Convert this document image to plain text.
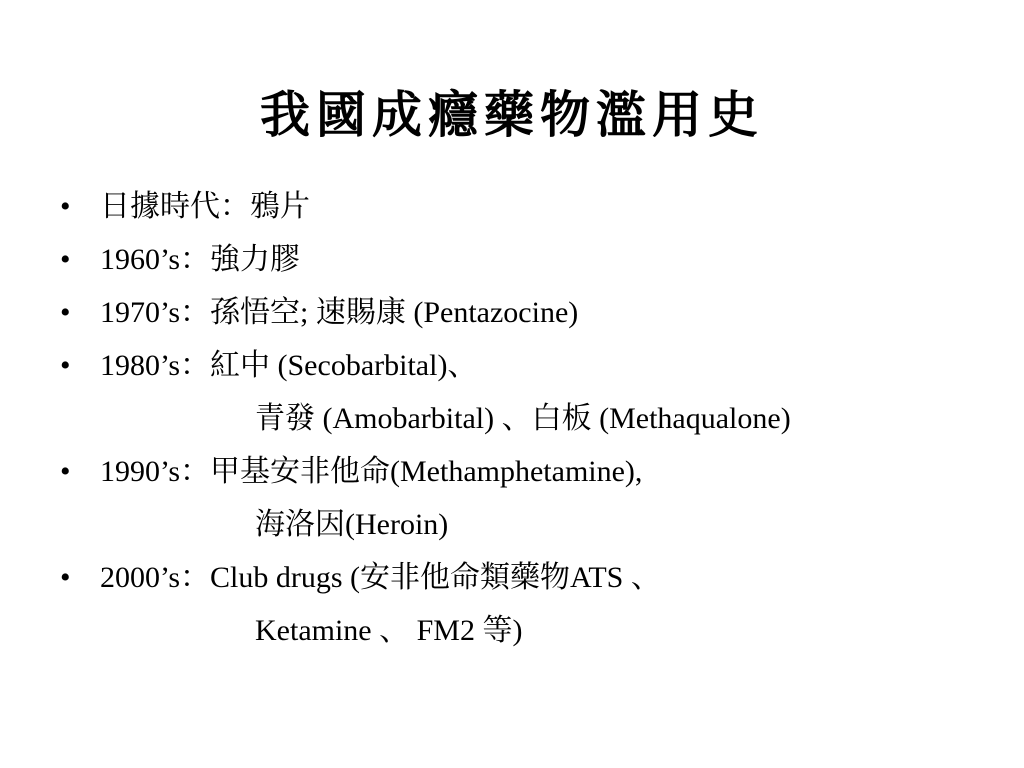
我國成癮藥物濫用史
• 日據時代：鴉片
• 1960’s：強力膠
• 1970’s：孫悟空; 速賜康 (Pentazocine)
• 1980’s：紅中 (Secobarbital)、
青發 (Amobarbital) 、白板 (Methaqualone)
• 1990’s：甲基安非他命(Methamphetamine),
海洛因(Heroin)
• 2000’s：Club drugs (安非他命類藥物ATS 、
Ketamine 、 FM2 等)
